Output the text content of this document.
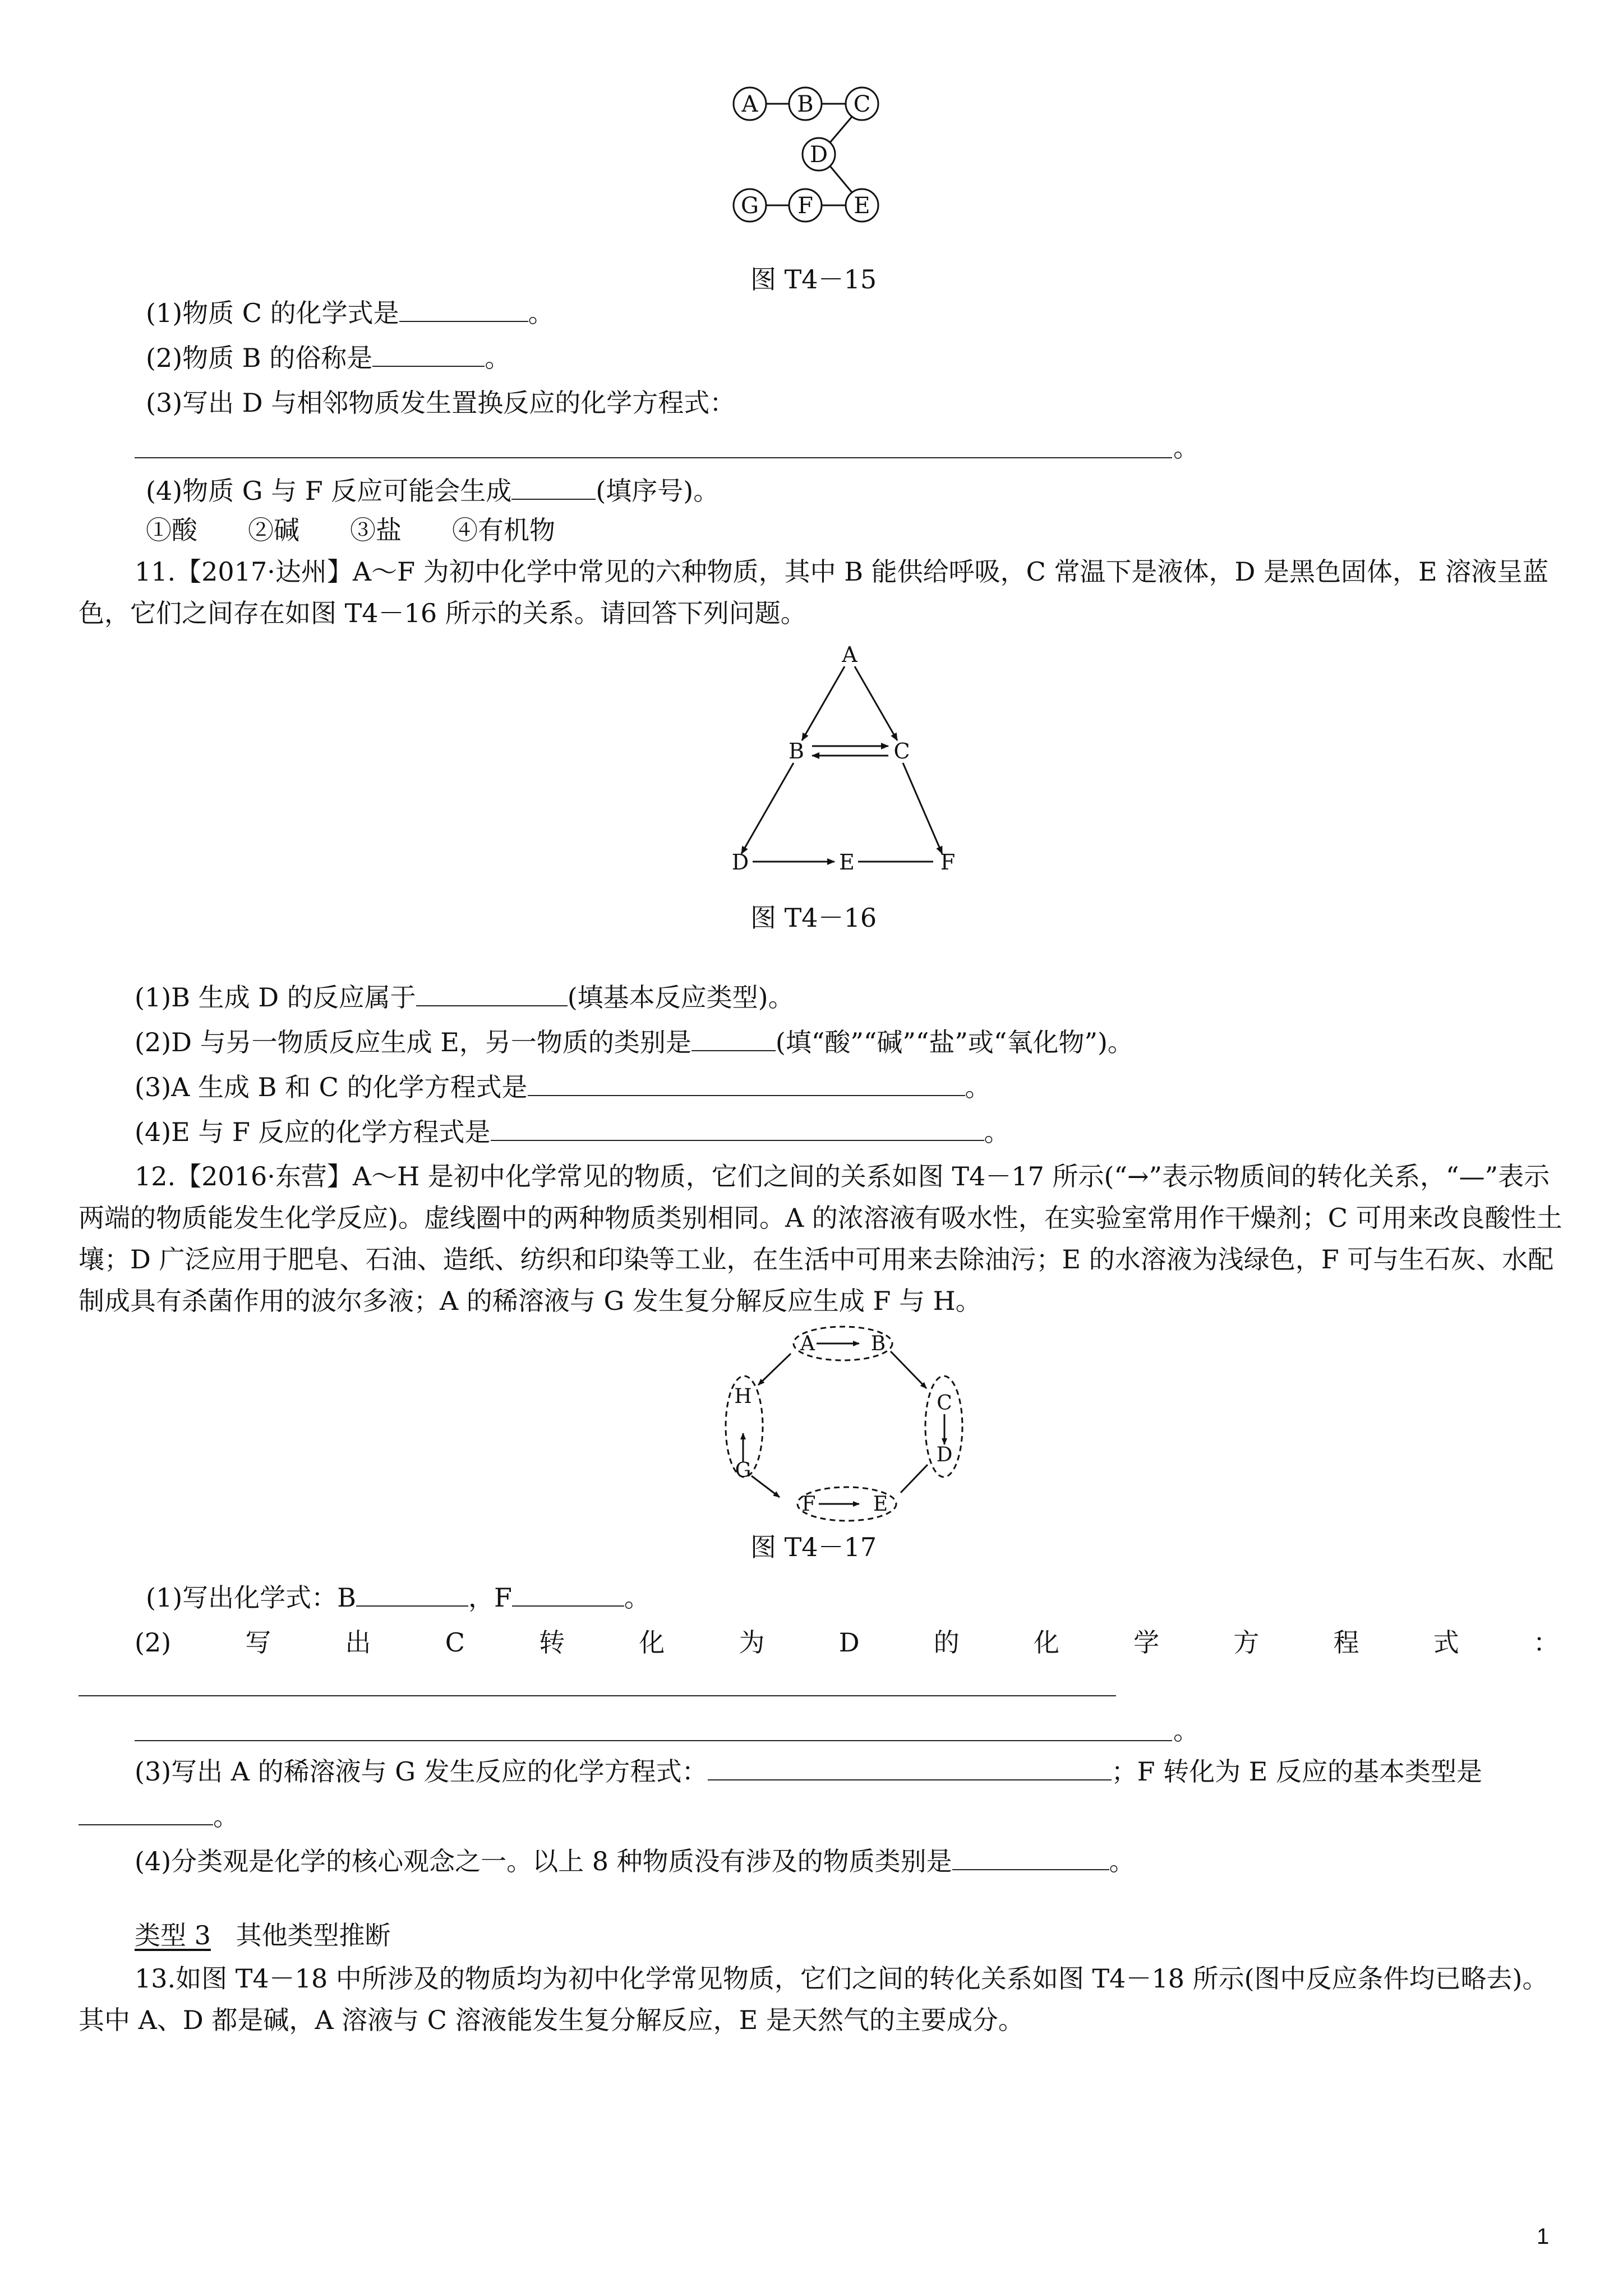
A B C
D
G F E
图 T4－15
(1)物质 C 的化学式是	。
(2)物质 B 的俗称是	。
(3)写出 D 与相邻物质发生置换反应的化学方程式：
。
(4)物质 G 与 F 反应可能会生成	(填序号)。
①酸 ②碱 ③盐 ④有机物
11.【2017·达州】A～F 为初中化学中常见的六种物质，其中 B 能供给呼吸，C 常温下是液体，D 是黑色固体，E 溶液呈蓝色，它们之间存在如图 T4－16 所示的关系。请回答下列问题。
A
B	C
D	E	F
图 T4－16
(1)B 生成 D 的反应属于	(填基本反应类型)。
(2)D 与另一物质反应生成 E，另一物质的类别是	(填“酸”“碱”“盐”或“氧化物”)。
(3)A 生成 B 和 C 的化学方程式是	。
(4)E 与 F 反应的化学方程式是	。
12.【2016·东营】A～H 是初中化学常见的物质，它们之间的关系如图 T4－17 所示(“→”表示物质间的转化关系，“—”表示两端的物质能发生化学反应)。虚线圈中的两种物质类别相同。A 的浓溶液有吸水性，在实验室常用作干燥剂；C 可用来改良酸性土壤；D 广泛应用于肥皂、石油、造纸、纺织和印染等工业，在生活中可用来去除油污；E 的水溶液为浅绿色，F 可与生石灰、水配制成具有杀菌作用的波尔多液；A 的稀溶液与 G 发生复分解反应生成 F 与 H。
A	B
C
D
E
F
G
H
图 T4－17
(1)写出化学式：B	，F	。
(2)	写	出	C	转	化	为	D	的	化	学	方	程	式	：
。
(3)写出 A 的稀溶液与 G 发生反应的化学方程式：	；F 转化为 E 反应的基本类型是
。
(4)分类观是化学的核心观念之一。以上 8 种物质没有涉及的物质类别是	。
类型 3 其他类型推断
13.如图 T4－18 中所涉及的物质均为初中化学常见物质，它们之间的转化关系如图 T4－18 所示(图中反应条件均已略去)。其中 A、D 都是碱，A 溶液与 C 溶液能发生复分解反应，E 是天然气的主要成分。
1
